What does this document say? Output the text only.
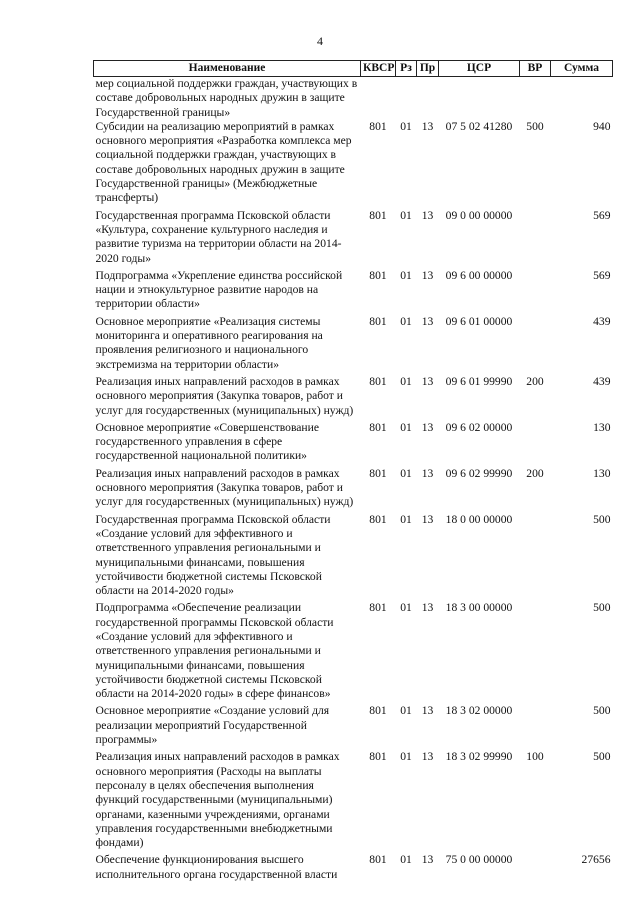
4
Наименование	КВСР	Рз	Пр	ЦСР	ВР	Сумма
мер социальной поддержки граждан, участвующих в составе добровольных народных дружин в защите Государственной границы»						
Субсидии на реализацию мероприятий в рамках основного мероприятия «Разработка комплекса мер социальной поддержки граждан, участвующих в составе добровольных народных дружин в защите Государственной границы» (Межбюджетные трансферты)	801	01	13	07 5 02 41280	500	940
Государственная программа Псковской области «Культура, сохранение культурного наследия и развитие туризма на территории области на 2014-2020 годы»	801	01	13	09 0 00 00000		569
Подпрограмма «Укрепление единства российской нации и этнокультурное развитие народов на территории области»	801	01	13	09 6 00 00000		569
Основное мероприятие «Реализация системы мониторинга и оперативного реагирования на проявления религиозного и национального экстремизма на территории области»	801	01	13	09 6 01 00000		439
Реализация иных направлений расходов в рамках основного мероприятия (Закупка товаров, работ и услуг для государственных (муниципальных) нужд)	801	01	13	09 6 01 99990	200	439
Основное мероприятие «Совершенствование государственного управления в сфере государственной национальной политики»	801	01	13	09 6 02 00000		130
Реализация иных направлений расходов в рамках основного мероприятия (Закупка товаров, работ и услуг для государственных (муниципальных) нужд)	801	01	13	09 6 02 99990	200	130
Государственная программа Псковской области «Создание условий для эффективного и ответственного управления региональными и муниципальными финансами, повышения устойчивости бюджетной системы Псковской области на 2014-2020 годы»	801	01	13	18 0 00 00000		500
Подпрограмма «Обеспечение реализации государственной программы Псковской области «Создание условий для эффективного и ответственного управления региональными и муниципальными финансами, повышения устойчивости бюджетной системы Псковской области на 2014-2020 годы» в сфере финансов»	801	01	13	18 3 00 00000		500
Основное мероприятие «Создание условий для реализации мероприятий Государственной программы»	801	01	13	18 3 02 00000		500
Реализация иных направлений расходов в рамках основного мероприятия (Расходы на выплаты персоналу в целях обеспечения выполнения функций государственными (муниципальными) органами, казенными учреждениями, органами управления государственными внебюджетными фондами)	801	01	13	18 3 02 99990	100	500
Обеспечение функционирования высшего исполнительного органа государственной власти	801	01	13	75 0 00 00000		27656
